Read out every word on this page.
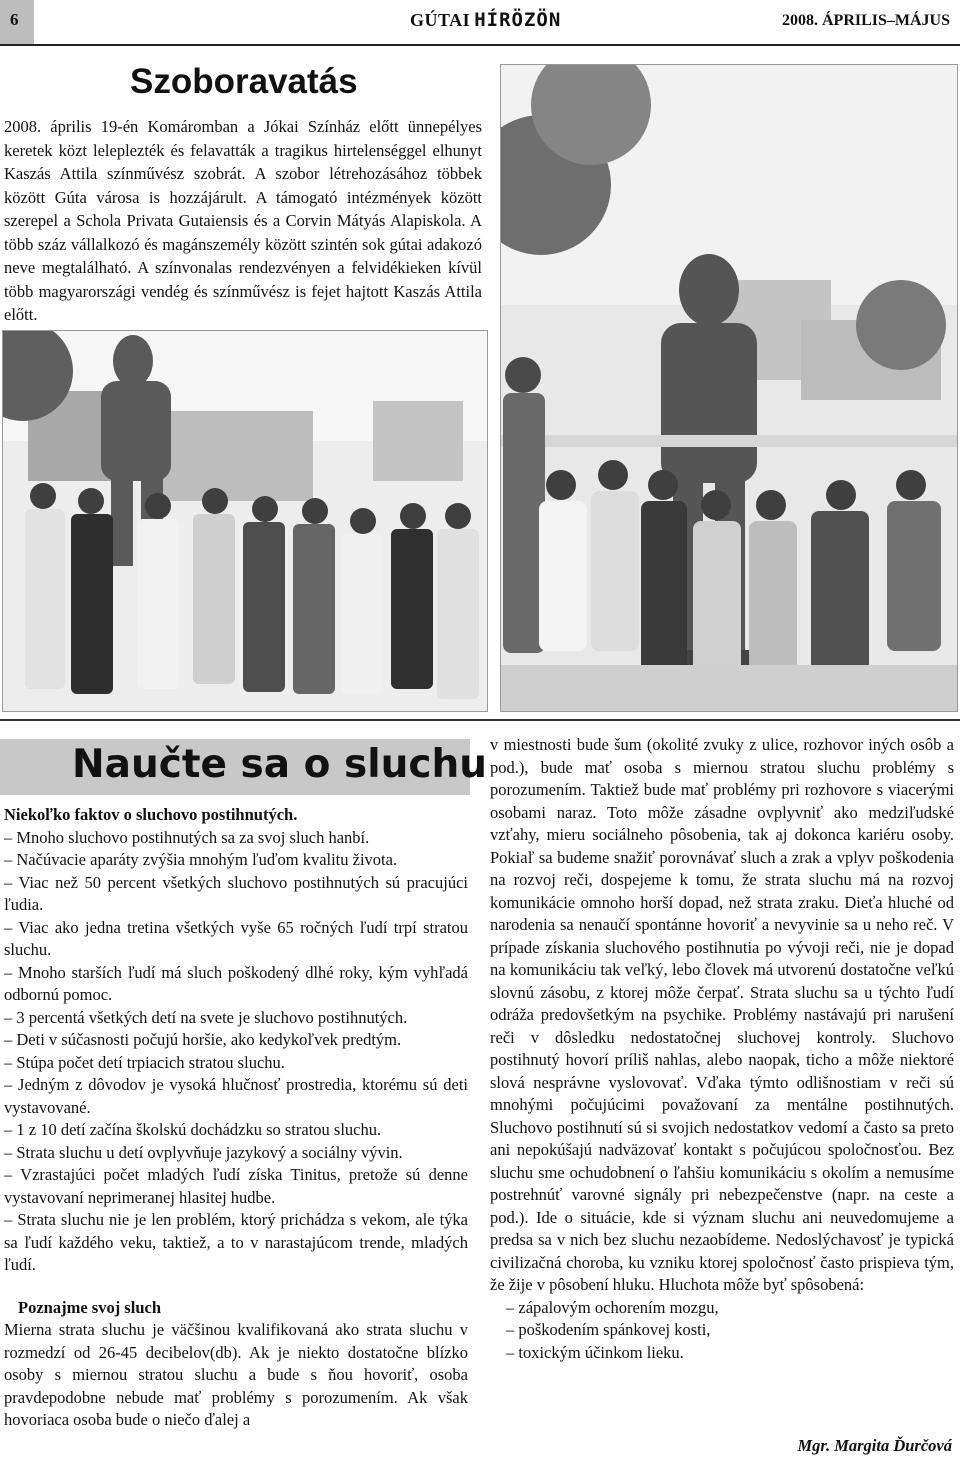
6	GÚTAI HÍRÖZÖN	2008. ÁPRILIS–MÁJUS
Szoboravatás

2008. április 19-én Komáromban a Jókai Színház előtt ünnepélyes keretek közt leleplezték és felavatták a tragikus hirtelenséggel elhunyt Kaszás Attila színművész szobrát. A szobor létrehozásához többek között Gúta városa is hozzájárult. A támogató intézmények között szerepel a Schola Privata Gutaiensis és a Corvin Mátyás Alapiskola. A több száz vállalkozó és magánszemély között szintén sok gútai adakozó neve megtalálható. A színvonalas rendezvényen a felvidékieken kívül több magyarországi vendég és színművész is fejet hajtott Kaszás Attila előtt.

Naučte sa o sluchu

Niekoľko faktov o sluchovo postihnutých.

– Mnoho sluchovo postihnutých sa za svoj sluch hanbí.

– Načúvacie aparáty zvýšia mnohým ľuďom kvalitu života.

– Viac než 50 percent všetkých sluchovo postihnutých sú pracujúci ľudia.

– Viac ako jedna tretina všetkých vyše 65 ročných ľudí trpí stratou sluchu.

– Mnoho starších ľudí má sluch poškodený dlhé roky, kým vyhľadá odbornú pomoc.

– 3 percentá všetkých detí na svete je sluchovo postihnutých.

– Deti v súčasnosti počujú horšie, ako kedykoľvek predtým.

– Stúpa počet detí trpiacich stratou sluchu.

– Jedným z dôvodov je vysoká hlučnosť prostredia, ktorému sú deti vystavované.

– 1 z 10 detí začína školskú dochádzku so stratou sluchu.

– Strata sluchu u detí ovplyvňuje jazykový a sociálny vývin.

– Vzrastajúci počet mladých ľudí získa Tinitus, pretože sú denne vystavovaní neprimeranej hlasitej hudbe.

– Strata sluchu nie je len problém, ktorý prichádza s vekom, ale týka sa ľudí každého veku, taktiež, a to v narastajúcom trende, mladých ľudí.

Poznajme svoj sluch

Mierna strata sluchu je väčšinou kvalifikovaná ako strata sluchu v rozmedzí od 26-45 decibelov(db). Ak je niekto dostatočne blízko osoby s miernou stratou sluchu a bude s ňou hovoriť, osoba pravdepodobne nebude mať problémy s porozumením. Ak však hovoriaca osoba bude o niečo ďalej a

v miestnosti bude šum (okolité zvuky z ulice, rozhovor iných osôb a pod.), bude mať osoba s miernou stratou sluchu problémy s porozumením. Taktiež bude mať problémy pri rozhovore s viacerými osobami naraz. Toto môže zásadne ovplyvniť ako medziľudské vzťahy, mieru sociálneho pôsobenia, tak aj dokonca kariéru osoby. Pokiaľ sa budeme snažiť porovnávať sluch a zrak a vplyv poškodenia na rozvoj reči, dospejeme k tomu, že strata sluchu má na rozvoj komunikácie omnoho horší dopad, než strata zraku. Dieťa hluché od narodenia sa nenaučí spontánne hovoriť a nevyvinie sa u neho reč. V prípade získania sluchového postihnutia po vývoji reči, nie je dopad na komunikáciu tak veľký, lebo človek má utvorenú dostatočne veľkú slovnú zásobu, z ktorej môže čerpať. Strata sluchu sa u týchto ľudí odráža predovšetkým na psychike. Problémy nastávajú pri narušení reči v dôsledku nedostatočnej sluchovej kontroly. Sluchovo postihnutý hovorí príliš nahlas, alebo naopak, ticho a môže niektoré slová nesprávne vyslovovať. Vďaka týmto odlišnostiam v reči sú mnohými počujúcimi považovaní za mentálne postihnutých. Sluchovo postihnutí sú si svojich nedostatkov vedomí a často sa preto ani nepokúšajú nadväzovať kontakt s počujúcou spoločnosťou. Bez sluchu sme ochudobnení o ľahšiu komunikáciu s okolím a nemusíme postrehnúť varovné signály pri nebezpečenstve (napr. na ceste a pod.). Ide o situácie, kde si význam sluchu ani neuvedomujeme a predsa sa v nich bez sluchu nezaobídeme. Nedoslýchavosť je typická civilizačná choroba, ku vzniku ktorej spoločnosť často prispieva tým, že žije v pôsobení hluku. Hluchota môže byť spôsobená:

– zápalovým ochorením mozgu,

– poškodením spánkovej kosti,

– toxickým účinkom lieku.

Mgr. Margita Ďurčová
